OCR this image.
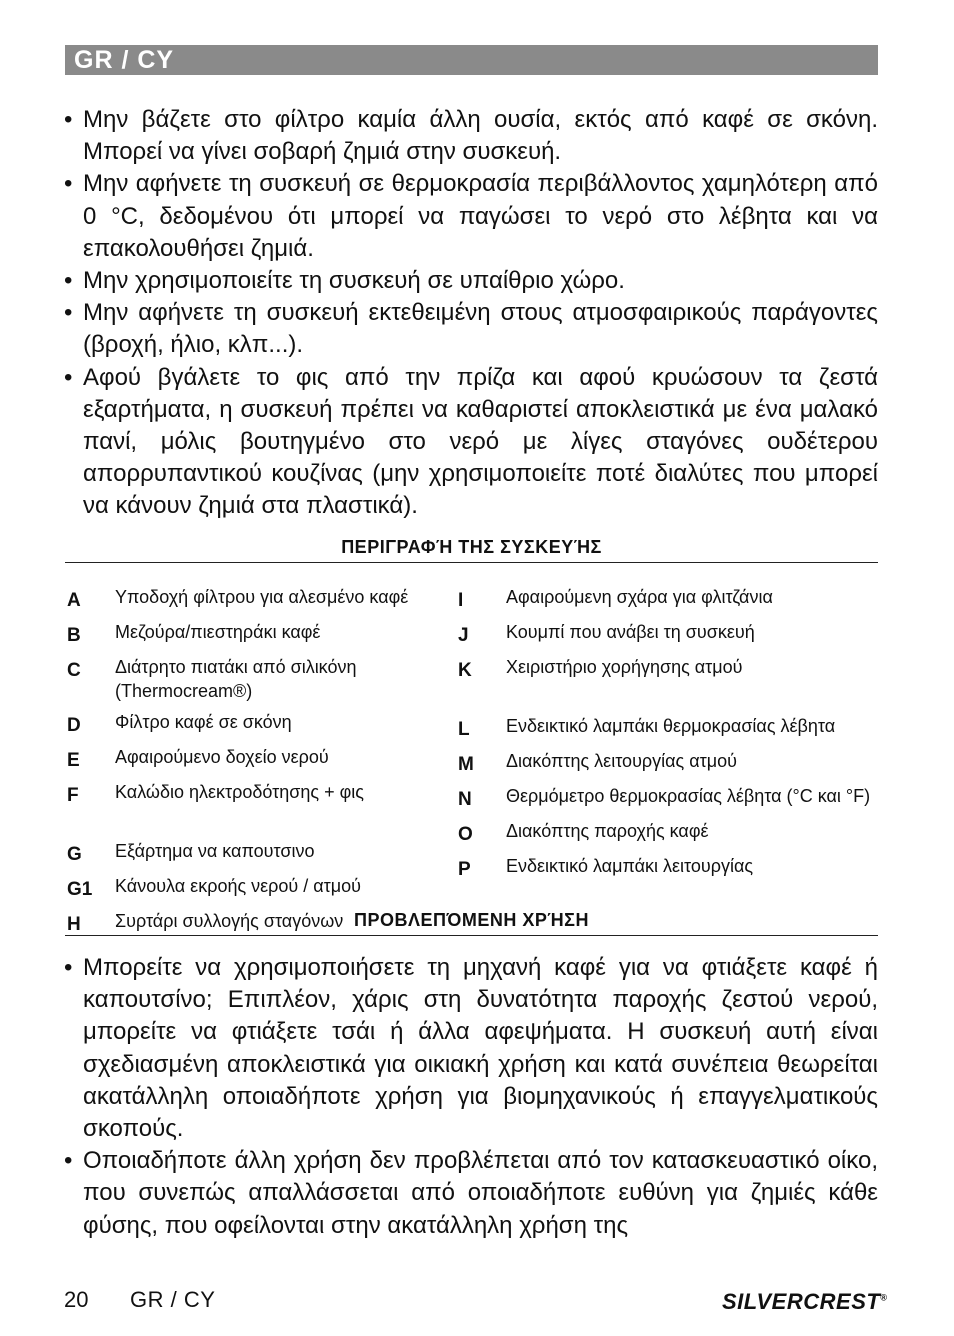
GR / CY
• Μην βάζετε στο φίλτρο καμία άλλη ουσία, εκτός από καφέ σε σκόνη. Μπορεί να γίνει σοβαρή ζημιά στην συσκευή.
• Μην αφήνετε τη συσκευή σε θερμοκρασία περιβάλλοντος χαμηλότερη από 0 °C, δεδομένου ότι μπορεί να παγώσει το νερό στο λέβητα και να επακολουθήσει ζημιά.
• Μην χρησιμοποιείτε τη συσκευή σε υπαίθριο χώρο.
• Μην αφήνετε τη συσκευή εκτεθειμένη στους ατμοσφαιρικούς παράγοντες (βροχή, ήλιο, κλπ...).
• Αφού βγάλετε το φις από την πρίζα και αφού κρυώσουν τα ζεστά εξαρτήματα, η συσκευή πρέπει να καθαριστεί αποκλειστικά με ένα μαλακό πανί, μόλις βουτηγμένο στο νερό με λίγες σταγόνες ουδέτερου απορρυπαντικού κουζίνας (μην χρησιμοποιείτε ποτέ διαλύτες που μπορεί να κάνουν ζημιά στα πλαστικά).
ΠΕΡΙΓΡΑΦΉ ΤΗΣ ΣΥΣΚΕΥΉΣ
A	Υποδοχή φίλτρου για αλεσμένο καφέ
B	Μεζούρα/πιεστηράκι καφέ
C	Διάτρητο πιατάκι από σιλικόνη (Thermocream®)
D	Φίλτρο καφέ σε σκόνη
E	Αφαιρούμενο δοχείο νερού
F	Καλώδιο ηλεκτροδότησης + φις
G	Εξάρτημα να καπουτσινο
G1	Κάνουλα εκροής νερού / ατμού
H	Συρτάρι συλλογής σταγόνων
I	Αφαιρούμενη σχάρα για φλιτζάνια
J	Κουμπί που ανάβει τη συσκευή
K	Χειριστήριο χορήγησης ατμού
L	Ενδεικτικό λαμπάκι θερμοκρασίας λέβητα
M	Διακόπτης λειτουργίας ατμού
N	Θερμόμετρο θερμοκρασίας λέβητα (°C και °F)
O	Διακόπτης παροχής καφέ
P	Ενδεικτικό λαμπάκι λειτουργίας
ΠΡΟΒΛΕΠΌΜΕΝΗ ΧΡΉΣΗ
• Μπορείτε να χρησιμοποιήσετε τη μηχανή καφέ για να φτιάξετε καφέ ή καπουτσίνο; Επιπλέον, χάρις στη δυνατότητα παροχής ζεστού νερού, μπορείτε να φτιάξετε τσάι ή άλλα αφεψήματα. Η συσκευή αυτή είναι σχεδιασμένη αποκλειστικά για οικιακή χρήση και κατά συνέπεια θεωρείται ακατάλληλη οποιαδήποτε χρήση για βιομηχανικούς ή επαγγελματικούς σκοπούς.
• Οποιαδήποτε άλλη χρήση δεν προβλέπεται από τον κατασκευαστικό οίκο, που συνεπώς απαλλάσσεται από οποιαδήποτε ευθύνη για ζημιές κάθε φύσης, που οφείλονται στην ακατάλληλη χρήση της
20 GR / CY	SILVERCREST®
